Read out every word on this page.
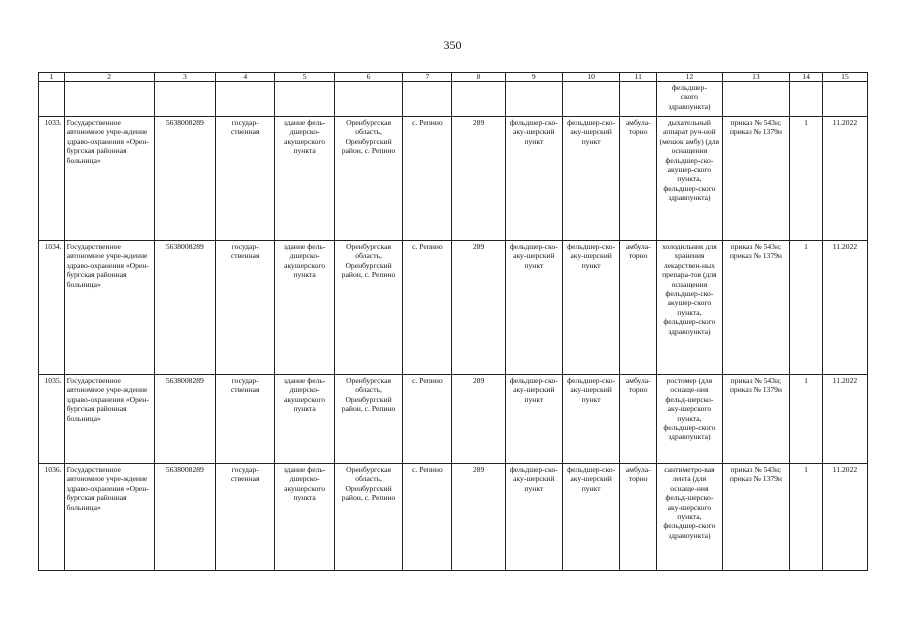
350
1	2	3	4	5	6	7	8	9	10	11	12	13	14	15
											фельдшер-
ского
здравпункта)			
1033.	Государственное автономное учре-ждение здраво-охранения «Орен-бургская районная больница»	5638008289	государ-ственная	здание фель-дшерско-акушерского пункта	Оренбургская область, Оренбургский район, с. Репино	с. Репино	289	фельдшер-ско-аку-шерский пункт	фельдшер-ско-аку-шерский пункт	амбула-торно	дыхательный аппарат руч-ной (мешок амбу) (для оснащения фельдшер-ско-акушер-ского пункта, фельдшер-ского здравпункта)	приказ № 543н; приказ № 1379н	1	11.2022
1034.	Государственное автономное учре-ждение здраво-охранения «Орен-бургская районная больница»	5638008289	государ-ственная	здание фель-дшерско-акушерского пункта	Оренбургская область, Оренбургский район, с. Репино	с. Репино	289	фельдшер-ско-аку-шерский пункт	фельдшер-ско-аку-шерский пункт	амбула-торно	холодильник для хранения лекарствен-ных препара-тов (для оснащения фельдшер-ско-акушер-ского пункта, фельдшер-ского здравпункта)	приказ № 543н; приказ № 1379н	1	11.2022
1035.	Государственное автономное учре-ждение здраво-охранения «Орен-бургская районная больница»	5638008289	государ-ственная	здание фель-дшерско-акушерского пункта	Оренбургская область, Оренбургский район, с. Репино	с. Репино	289	фельдшер-ско-аку-шерский пункт	фельдшер-ско-аку-шерский пункт	амбула-торно	ростомер (для оснаще-ния фельд-шерско-аку-шерского пункта, фельдшер-ского здравпункта)	приказ № 543н; приказ № 1379н	1	11.2022
1036.	Государственное автономное учре-ждение здраво-охранения «Орен-бургская районная больница»	5638008289	государ-ственная	здание фель-дшерско-акушерского пункта	Оренбургская область, Оренбургский район, с. Репино	с. Репино	289	фельдшер-ско-аку-шерский пункт	фельдшер-ско-аку-шерский пункт	амбула-торно	сантиметро-вая лента (для оснаще-ния фельд-шерско-аку-шерского пункта, фельдшер-ского здравпункта)	приказ № 543н; приказ № 1379н	1	11.2022
